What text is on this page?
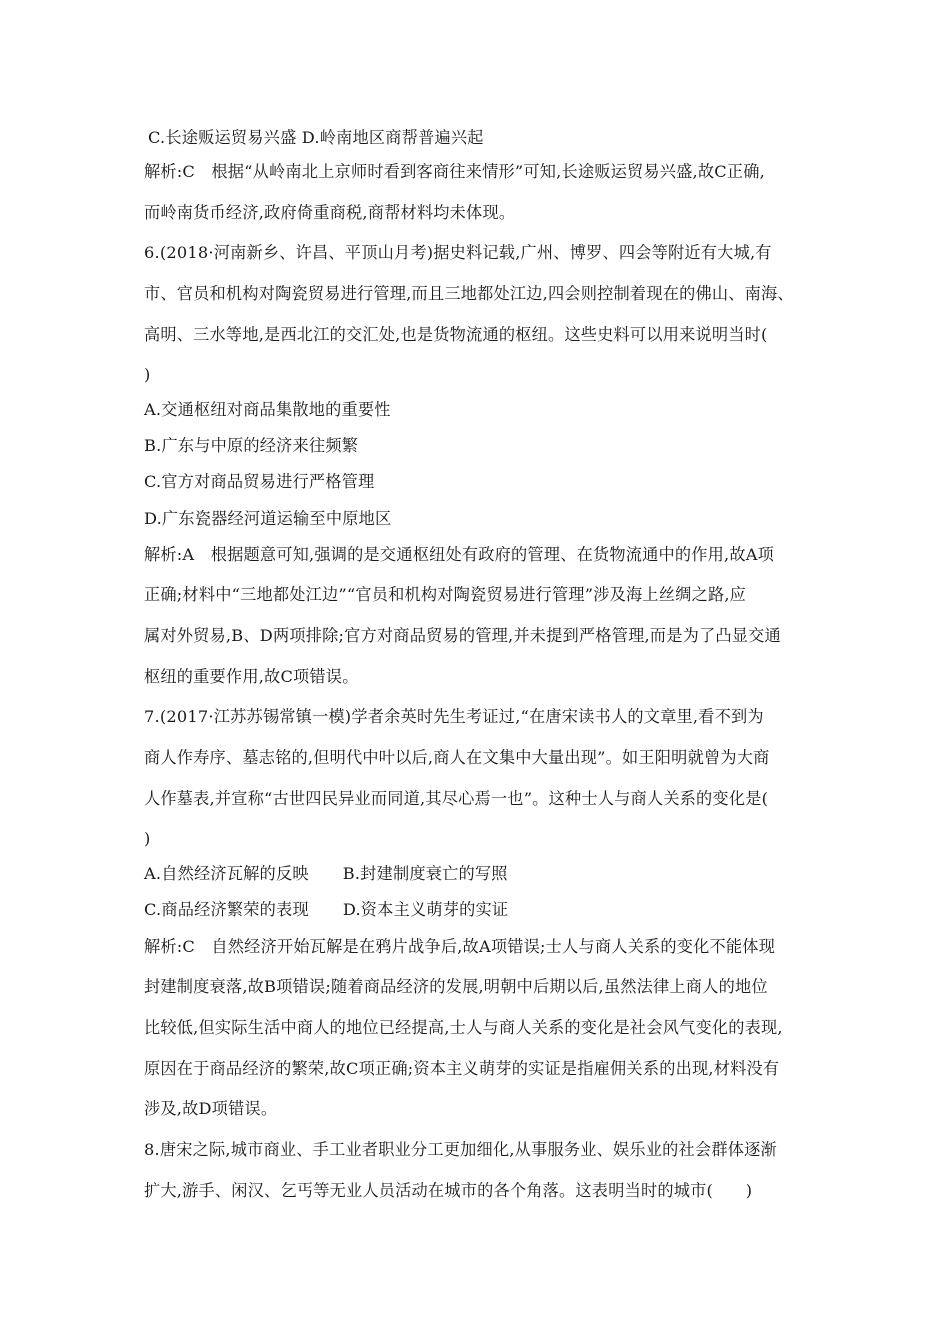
C.长途贩运贸易兴盛 D.岭南地区商帮普遍兴起
解析:C　根据“从岭南北上京师时看到客商往来情形”可知,长途贩运贸易兴盛,故C正确,
而岭南货币经济,政府倚重商税,商帮材料均未体现。
6.(2018·河南新乡、许昌、平顶山月考)据史料记载,广州、博罗、四会等附近有大城,有
市、官员和机构对陶瓷贸易进行管理,而且三地都处江边,四会则控制着现在的佛山、南海、
高明、三水等地,是西北江的交汇处,也是货物流通的枢纽。这些史料可以用来说明当时(
)
A.交通枢纽对商品集散地的重要性
B.广东与中原的经济来往频繁
C.官方对商品贸易进行严格管理
D.广东瓷器经河道运输至中原地区
解析:A　根据题意可知,强调的是交通枢纽处有政府的管理、在货物流通中的作用,故A项
正确;材料中“三地都处江边”“官员和机构对陶瓷贸易进行管理”涉及海上丝绸之路,应
属对外贸易,B、D两项排除;官方对商品贸易的管理,并未提到严格管理,而是为了凸显交通
枢纽的重要作用,故C项错误。
7.(2017·江苏苏锡常镇一模)学者余英时先生考证过,“在唐宋读书人的文章里,看不到为
商人作寿序、墓志铭的,但明代中叶以后,商人在文集中大量出现”。如王阳明就曾为大商
人作墓表,并宣称“古世四民异业而同道,其尽心焉一也”。这种士人与商人关系的变化是(
)
A.自然经济瓦解的反映 B.封建制度衰亡的写照
C.商品经济繁荣的表现 D.资本主义萌芽的实证
解析:C　自然经济开始瓦解是在鸦片战争后,故A项错误;士人与商人关系的变化不能体现
封建制度衰落,故B项错误;随着商品经济的发展,明朝中后期以后,虽然法律上商人的地位
比较低,但实际生活中商人的地位已经提高,士人与商人关系的变化是社会风气变化的表现,
原因在于商品经济的繁荣,故C项正确;资本主义萌芽的实证是指雇佣关系的出现,材料没有
涉及,故D项错误。
8.唐宋之际,城市商业、手工业者职业分工更加细化,从事服务业、娱乐业的社会群体逐渐
扩大,游手、闲汉、乞丐等无业人员活动在城市的各个角落。这表明当时的城市(　　)
